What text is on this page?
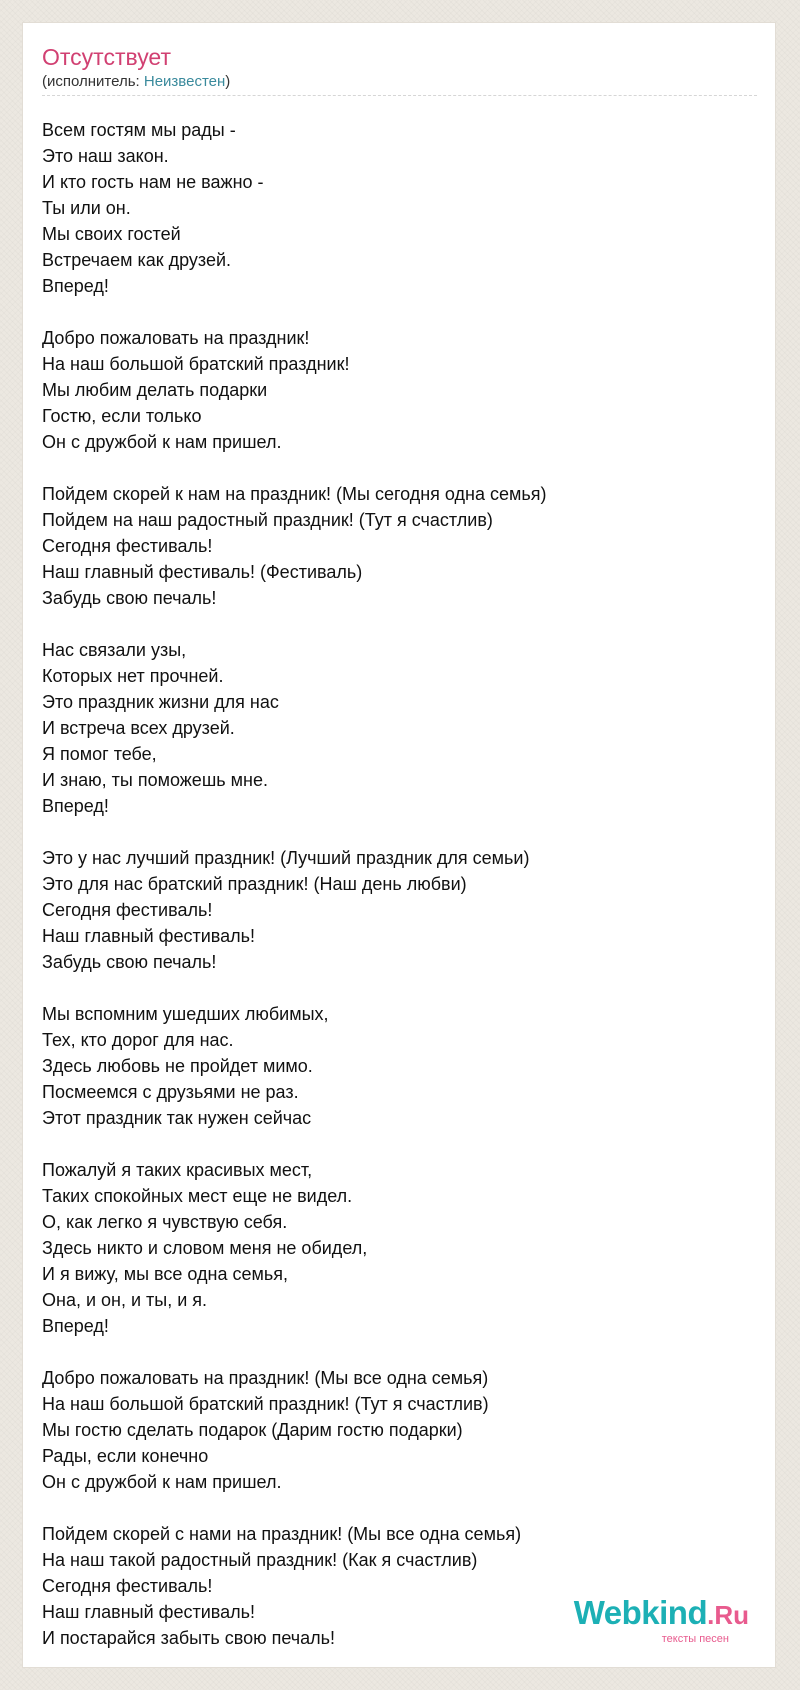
Отсутствует
(исполнитель: Неизвестен)
Всем гостям мы рады -
Это наш закон.
И кто гость нам не важно -
Ты или он.
Мы своих гостей
Встречаем как друзей.
Вперед!
Добро пожаловать на праздник!
На наш большой братский праздник!
Мы любим делать подарки
Гостю, если только
Он с дружбой к нам пришел.
Пойдем скорей к нам на праздник! (Мы сегодня одна семья)
Пойдем на наш радостный праздник! (Тут я счастлив)
Сегодня фестиваль!
Наш главный фестиваль! (Фестиваль)
Забудь свою печаль!
Нас связали узы,
Которых нет прочней.
Это праздник жизни для нас
И встреча всех друзей.
Я помог тебе,
И знаю, ты поможешь мне.
Вперед!
Это у нас лучший праздник! (Лучший праздник для семьи)
Это для нас братский праздник! (Наш день любви)
Сегодня фестиваль!
Наш главный фестиваль!
Забудь свою печаль!
Мы вспомним ушедших любимых,
Тех, кто дорог для нас.
Здесь любовь не пройдет мимо.
Посмеемся с друзьями не раз.
Этот праздник так нужен сейчас
Пожалуй я таких красивых мест,
Таких спокойных мест еще не видел.
О, как легко я чувствую себя.
Здесь никто и словом меня не обидел,
И я вижу, мы все одна семья,
Она, и он, и ты, и я.
Вперед!
Добро пожаловать на праздник! (Мы все одна семья)
На наш большой братский праздник! (Тут я счастлив)
Мы гостю сделать подарок (Дарим гостю подарки)
Рады, если конечно
Он с дружбой к нам пришел.
Пойдем скорей с нами на праздник! (Мы все одна семья)
На наш такой радостный праздник! (Как я счастлив)
Сегодня фестиваль!
Наш главный фестиваль!
И постарайся забыть свою печаль!
Webkind.Ru
тексты песен
